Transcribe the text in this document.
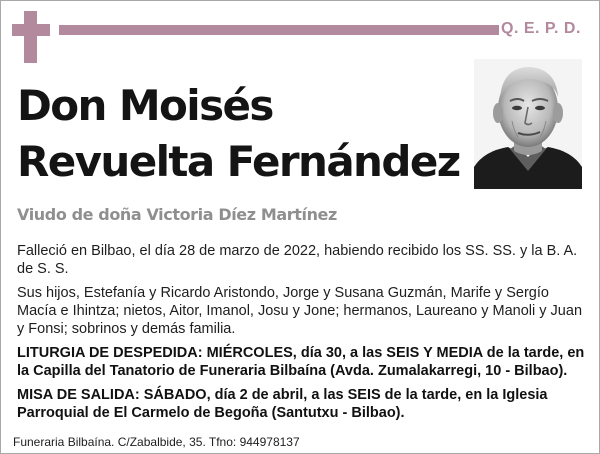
Q. E. P. D.
Don Moisés
Revuelta Fernández
Viudo de doña Victoria Díez Martínez
Falleció en Bilbao, el día 28 de marzo de 2022, habiendo recibido los SS. SS. y la B. A. de S. S.
Sus hijos, Estefanía y Ricardo Aristondo, Jorge y Susana Guzmán, Marife y Sergío Macía e Ihintza; nietos, Aitor, Imanol, Josu y Jone; hermanos, Laureano y Manoli y Juan y Fonsi; sobrinos y demás familia.
LITURGIA DE DESPEDIDA: MIÉRCOLES, día 30, a las SEIS Y MEDIA de la tarde, en la Capilla del Tanatorio de Funeraria Bilbaína (Avda. Zumalakarregi, 10 - Bilbao).
MISA DE SALIDA: SÁBADO, día 2 de abril, a las SEIS de la tarde, en la Iglesia Parroquial de El Carmelo de Begoña (Santutxu - Bilbao).
Funeraria Bilbaína. C/Zabalbide, 35. Tfno: 944978137
